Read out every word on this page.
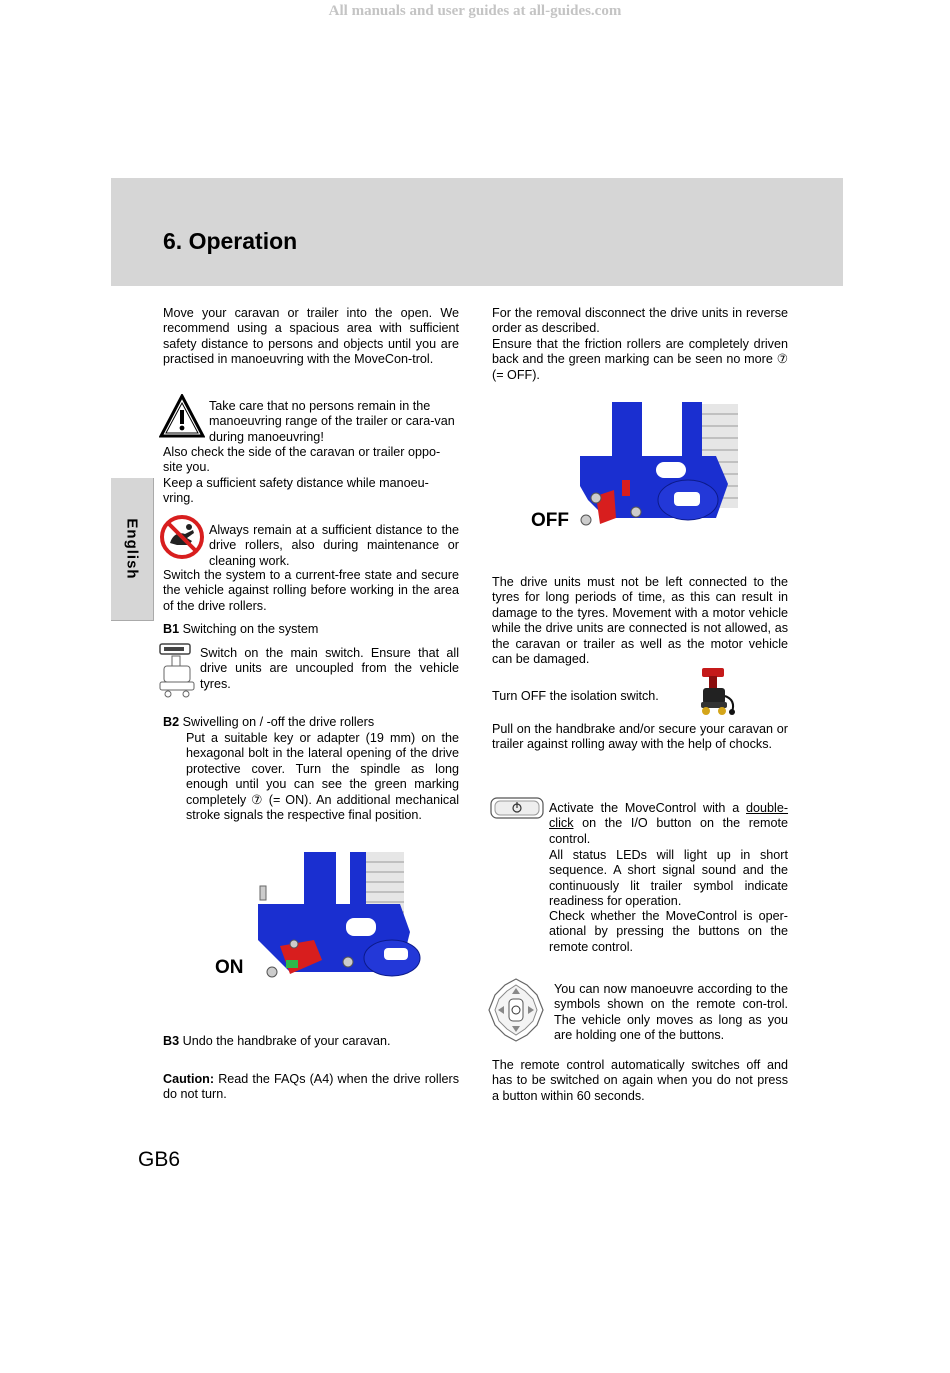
All manuals and user guides at all-guides.com
6. Operation
English

Move your caravan or trailer into the open. We recommend using a spacious area with sufficient safety distance to persons and objects until you are practised in manoeuvring with the MoveCon-trol.

Take care that no persons remain in the manoeuvring range of the trailer or cara-van during manoeuvring!

Also check the side of the caravan or trailer oppo-site you.

Keep a sufficient safety distance while manoeu-vring.

Always remain at a sufficient distance to the drive rollers, also during maintenance or cleaning work.

Switch the system to a current-free state and secure the vehicle against rolling before working in the area of the drive rollers.

B1 Switching on the system

Switch on the main switch. Ensure that all drive units are uncoupled from the vehicle tyres.

B2 Swivelling on / -off the drive rollers

Put a suitable key or adapter (19 mm) on the hexagonal bolt in the lateral opening of the drive protective cover. Turn the spindle as long enough until you can see the green marking completely ⑦ (= ON). An additional mechanical stroke signals the respective final position.

ON

B3 Undo the handbrake of your caravan.

Caution: Read the FAQs (A4) when the drive rollers do not turn.

For the removal disconnect the drive units in reverse order as described.

Ensure that the friction rollers are completely driven back and the green marking can be seen no more ⑦ (= OFF).

OFF

The drive units must not be left connected to the tyres for long periods of time, as this can result in damage to the tyres. Movement with a motor vehicle while the drive units are connected is not allowed, as the caravan or trailer as well as the motor vehicle can be damaged.

Turn OFF the isolation switch.

Pull on the handbrake and/or secure your caravan or trailer against rolling away with the help of chocks.

Activate the MoveControl with a double-click on the I/O button on the remote control.

All status LEDs will light up in short sequence. A short signal sound and the continuously lit trailer symbol indicate readiness for operation.

Check whether the MoveControl is oper-ational by pressing the buttons on the remote control.

You can now manoeuvre according to the symbols shown on the remote con-trol. The vehicle only moves as long as you are holding one of the buttons.

The remote control automatically switches off and has to be switched on again when you do not press a button within 60 seconds.

GB6
